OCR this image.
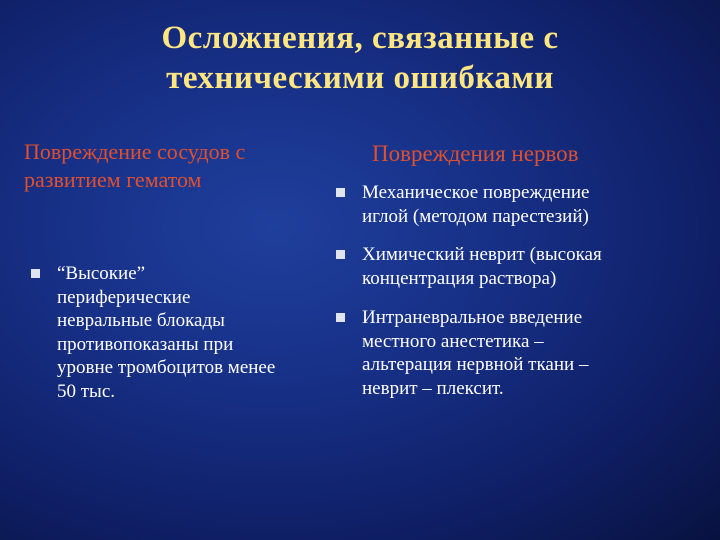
Осложнения, связанные с
техническими ошибками
Повреждение сосудов с
развитием гематом
“Высокие”
периферические
невральные блокады
противопоказаны при
уровне тромбоцитов менее
50 тыс.
Повреждения нервов
Механическое повреждение
иглой (методом парестезий)
Химический неврит (высокая
концентрация раствора)
Интраневральное введение
местного анестетика –
альтерация нервной ткани –
неврит – плексит.
